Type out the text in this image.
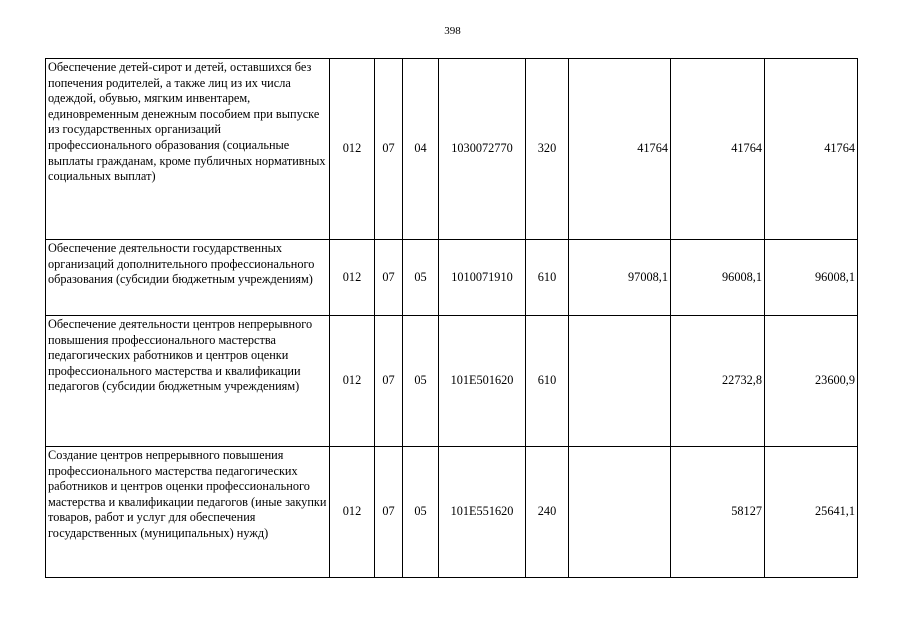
398
Обеспечение детей-сирот и детей, оставшихся без попечения родителей, а также лиц из их числа одеждой, обувью, мягким инвентарем, единовременным денежным пособием при выпуске из государственных организаций профессионального образования (социальные выплаты гражданам, кроме публичных нормативных социальных выплат)	012	07	04	1030072770	320	41764	41764	41764
Обеспечение деятельности государственных организаций дополнительного профессионального образования (субсидии бюджетным учреждениям)	012	07	05	1010071910	610	97008,1	96008,1	96008,1
Обеспечение деятельности центров непрерывного повышения профессионального мастерства педагогических работников и центров оценки профессионального мастерства и квалификации педагогов (субсидии бюджетным учреждениям)	012	07	05	101E501620	610		22732,8	23600,9
Создание центров непрерывного повышения профессионального мастерства педагогических работников и центров оценки профессионального мастерства и квалификации педагогов (иные закупки товаров, работ и услуг для обеспечения государственных (муниципальных) нужд)	012	07	05	101E551620	240		58127	25641,1
